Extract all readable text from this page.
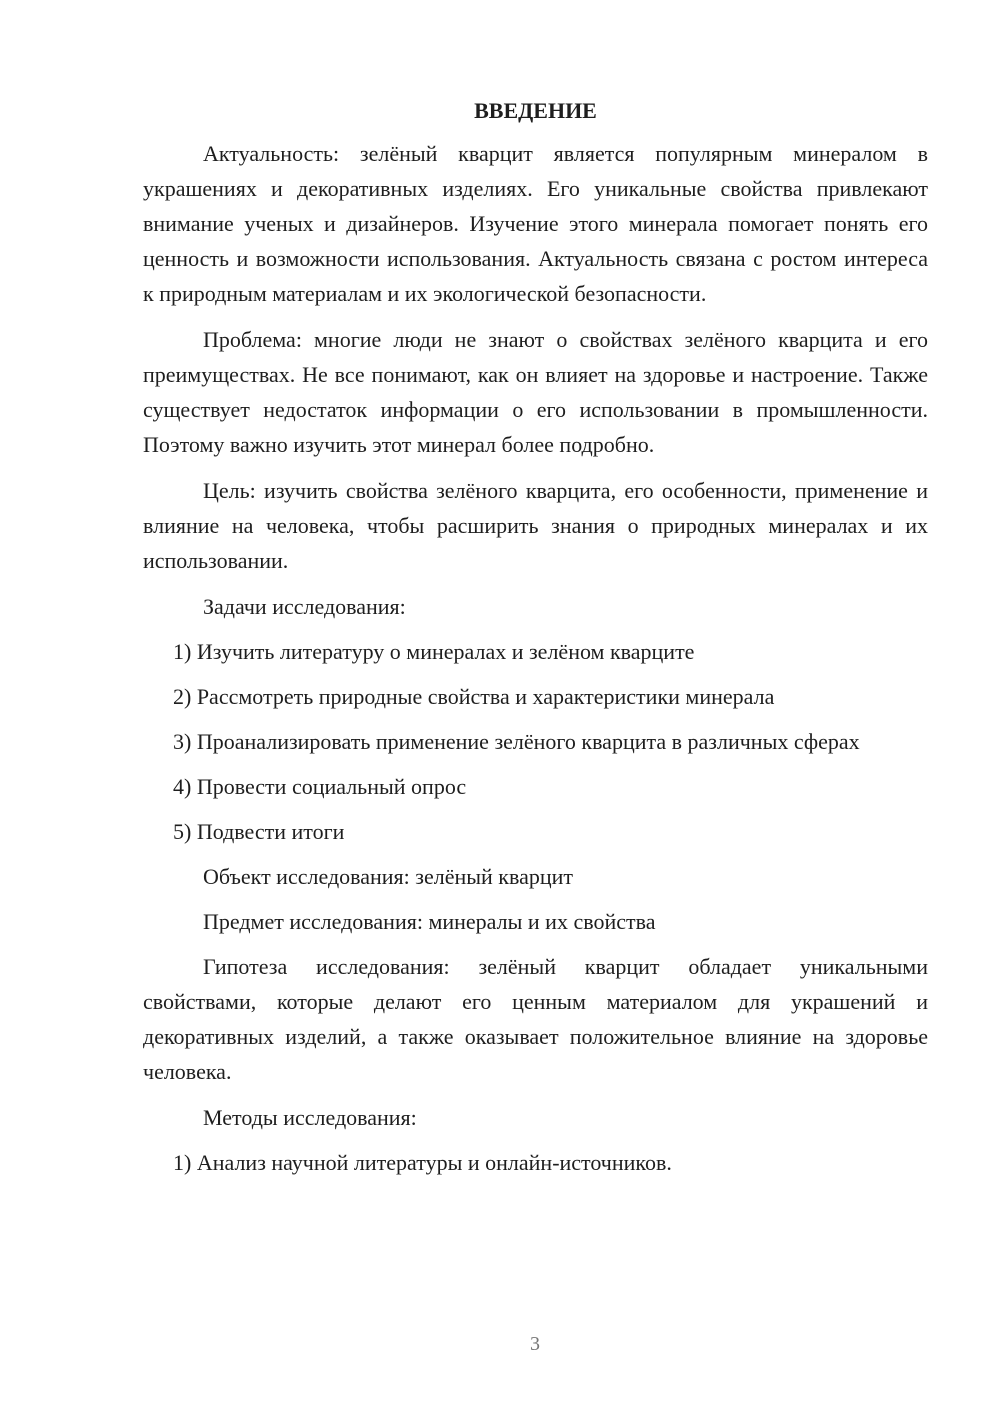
ВВЕДЕНИЕ

Актуальность: зелёный кварцит является популярным минералом в украшениях и декоративных изделиях. Его уникальные свойства привлекают внимание ученых и дизайнеров. Изучение этого минерала помогает понять его ценность и возможности использования. Актуальность связана с ростом интереса к природным материалам и их экологической безопасности.

Проблема: многие люди не знают о свойствах зелёного кварцита и его преимуществах. Не все понимают, как он влияет на здоровье и настроение. Также существует недостаток информации о его использовании в промышленности. Поэтому важно изучить этот минерал более подробно.

Цель: изучить свойства зелёного кварцита, его особенности, применение и влияние на человека, чтобы расширить знания о природных минералах и их использовании.

Задачи исследования:

1) Изучить литературу о минералах и зелёном кварците

2) Рассмотреть природные свойства и характеристики минерала

3) Проанализировать применение зелёного кварцита в различных сферах

4) Провести социальный опрос

5) Подвести итоги

Объект исследования: зелёный кварцит

Предмет исследования: минералы и их свойства

Гипотеза исследования: зелёный кварцит обладает уникальными свойствами, которые делают его ценным материалом для украшений и декоративных изделий, а также оказывает положительное влияние на здоровье человека.

Методы исследования:

1) Анализ научной литературы и онлайн-источников.

3
